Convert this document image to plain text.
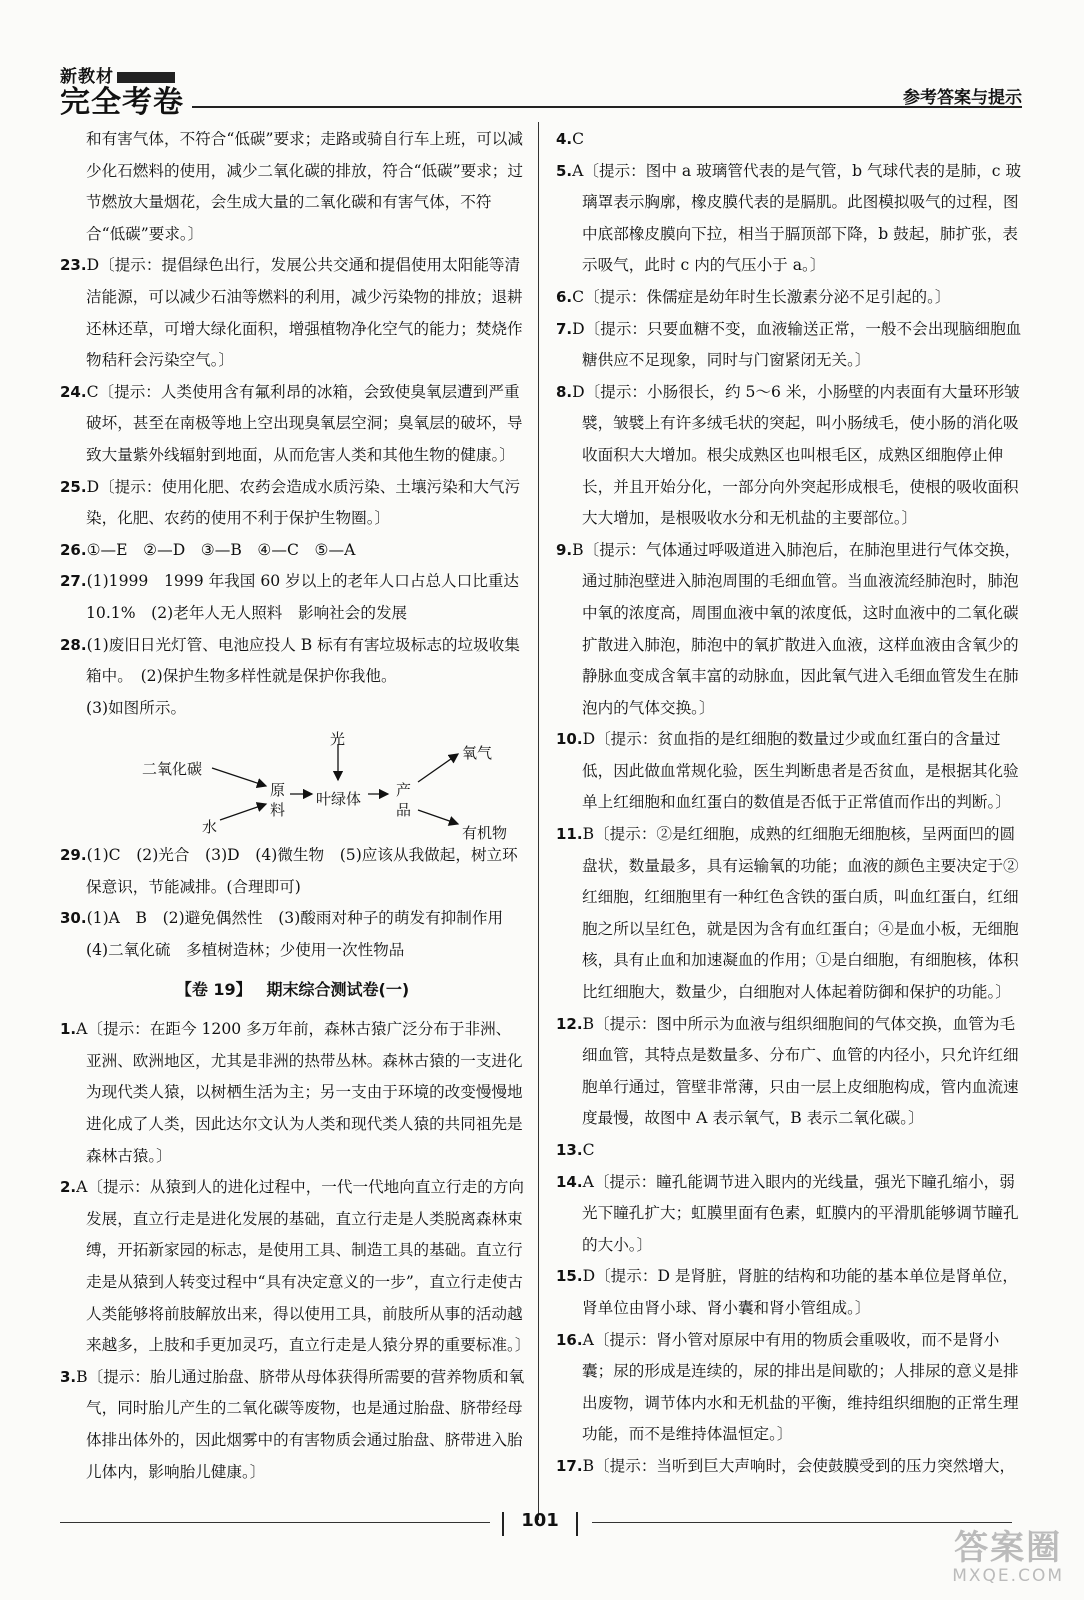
新教材
完全考卷	参考答案与提示
和有害气体，不符合“低碳”要求；走路或骑自行车上班，可以减少化石燃料的使用，减少二氧化碳的排放，符合“低碳”要求；过节燃放大量烟花，会生成大量的二氧化碳和有害气体，不符合“低碳”要求。〕
23.D〔提示：提倡绿色出行，发展公共交通和提倡使用太阳能等清洁能源，可以减少石油等燃料的利用，减少污染物的排放；退耕还林还草，可增大绿化面积，增强植物净化空气的能力；焚烧作物秸秆会污染空气。〕
24.C〔提示：人类使用含有氟利昂的冰箱，会致使臭氧层遭到严重破坏，甚至在南极等地上空出现臭氧层空洞；臭氧层的破坏，导致大量紫外线辐射到地面，从而危害人类和其他生物的健康。〕
25.D〔提示：使用化肥、农药会造成水质污染、土壤污染和大气污染，化肥、农药的使用不利于保护生物圈。〕
26.①—E　②—D　③—B　④—C　⑤—A
27.(1)1999　1999 年我国 60 岁以上的老年人口占总人口比重达 10.1%　(2)老年人无人照料　影响社会的发展
28.(1)废旧日光灯管、电池应投人 B 标有有害垃圾标志的垃圾收集箱中。　(2)保护生物多样性就是保护你我他。
(3)如图所示。
二氧化碳
水
原料
光
叶绿体 产品
氧气
有机物
29.(1)C　(2)光合　(3)D　(4)微生物　(5)应该从我做起，树立环保意识，节能减排。(合理即可)
30.(1)A　B　(2)避免偶然性　(3)酸雨对种子的萌发有抑制作用　(4)二氧化硫　多植树造林；少使用一次性物品
【卷 19】 期末综合测试卷(一)
1.A〔提示：在距今 1200 多万年前，森林古猿广泛分布于非洲、亚洲、欧洲地区，尤其是非洲的热带丛林。森林古猿的一支进化为现代类人猿，以树栖生活为主；另一支由于环境的改变慢慢地进化成了人类，因此达尔文认为人类和现代类人猿的共同祖先是森林古猿。〕
2.A〔提示：从猿到人的进化过程中，一代一代地向直立行走的方向发展，直立行走是进化发展的基础，直立行走是人类脱离森林束缚，开拓新家园的标志，是使用工具、制造工具的基础。直立行走是从猿到人转变过程中“具有决定意义的一步”，直立行走使古人类能够将前肢解放出来，得以使用工具，前肢所从事的活动越来越多，上肢和手更加灵巧，直立行走是人猿分界的重要标准。〕
3.B〔提示：胎儿通过胎盘、脐带从母体获得所需要的营养物质和氧气，同时胎儿产生的二氧化碳等废物，也是通过胎盘、脐带经母体排出体外的，因此烟雾中的有害物质会通过胎盘、脐带进入胎儿体内，影响胎儿健康。〕
4.C
5.A〔提示：图中 a 玻璃管代表的是气管，b 气球代表的是肺，c 玻璃罩表示胸廓，橡皮膜代表的是膈肌。此图模拟吸气的过程，图中底部橡皮膜向下拉，相当于膈顶部下降，b 鼓起，肺扩张，表示吸气，此时 c 内的气压小于 a。〕
6.C〔提示：侏儒症是幼年时生长激素分泌不足引起的。〕
7.D〔提示：只要血糖不变，血液输送正常，一般不会出现脑细胞血糖供应不足现象，同时与门窗紧闭无关。〕
8.D〔提示：小肠很长，约 5～6 米，小肠壁的内表面有大量环形皱襞，皱襞上有许多绒毛状的突起，叫小肠绒毛，使小肠的消化吸收面积大大增加。根尖成熟区也叫根毛区，成熟区细胞停止伸长，并且开始分化，一部分向外突起形成根毛，使根的吸收面积大大增加，是根吸收水分和无机盐的主要部位。〕
9.B〔提示：气体通过呼吸道进入肺泡后，在肺泡里进行气体交换，通过肺泡壁进入肺泡周围的毛细血管。当血液流经肺泡时，肺泡中氧的浓度高，周围血液中氧的浓度低，这时血液中的二氧化碳扩散进入肺泡，肺泡中的氧扩散进入血液，这样血液由含氧少的静脉血变成含氧丰富的动脉血，因此氧气进入毛细血管发生在肺泡内的气体交换。〕
10.D〔提示：贫血指的是红细胞的数量过少或血红蛋白的含量过低，因此做血常规化验，医生判断患者是否贫血，是根据其化验单上红细胞和血红蛋白的数值是否低于正常值而作出的判断。〕
11.B〔提示：②是红细胞，成熟的红细胞无细胞核，呈两面凹的圆盘状，数量最多，具有运输氧的功能；血液的颜色主要决定于②红细胞，红细胞里有一种红色含铁的蛋白质，叫血红蛋白，红细胞之所以呈红色，就是因为含有血红蛋白；④是血小板，无细胞核，具有止血和加速凝血的作用；①是白细胞，有细胞核，体积比红细胞大，数量少，白细胞对人体起着防御和保护的功能。〕
12.B〔提示：图中所示为血液与组织细胞间的气体交换，血管为毛细血管，其特点是数量多、分布广、血管的内径小，只允许红细胞单行通过，管壁非常薄，只由一层上皮细胞构成，管内血流速度最慢，故图中 A 表示氧气，B 表示二氧化碳。〕
13.C
14.A〔提示：瞳孔能调节进入眼内的光线量，强光下瞳孔缩小，弱光下瞳孔扩大；虹膜里面有色素，虹膜内的平滑肌能够调节瞳孔的大小。〕
15.D〔提示：D 是肾脏，肾脏的结构和功能的基本单位是肾单位，肾单位由肾小球、肾小囊和肾小管组成。〕
16.A〔提示：肾小管对原尿中有用的物质会重吸收，而不是肾小囊；尿的形成是连续的，尿的排出是间歇的；人排尿的意义是排出废物，调节体内水和无机盐的平衡，维持组织细胞的正常生理功能，而不是维持体温恒定。〕
17.B〔提示：当听到巨大声响时，会使鼓膜受到的压力突然增大，
101
答案圈
MXQE.COM
